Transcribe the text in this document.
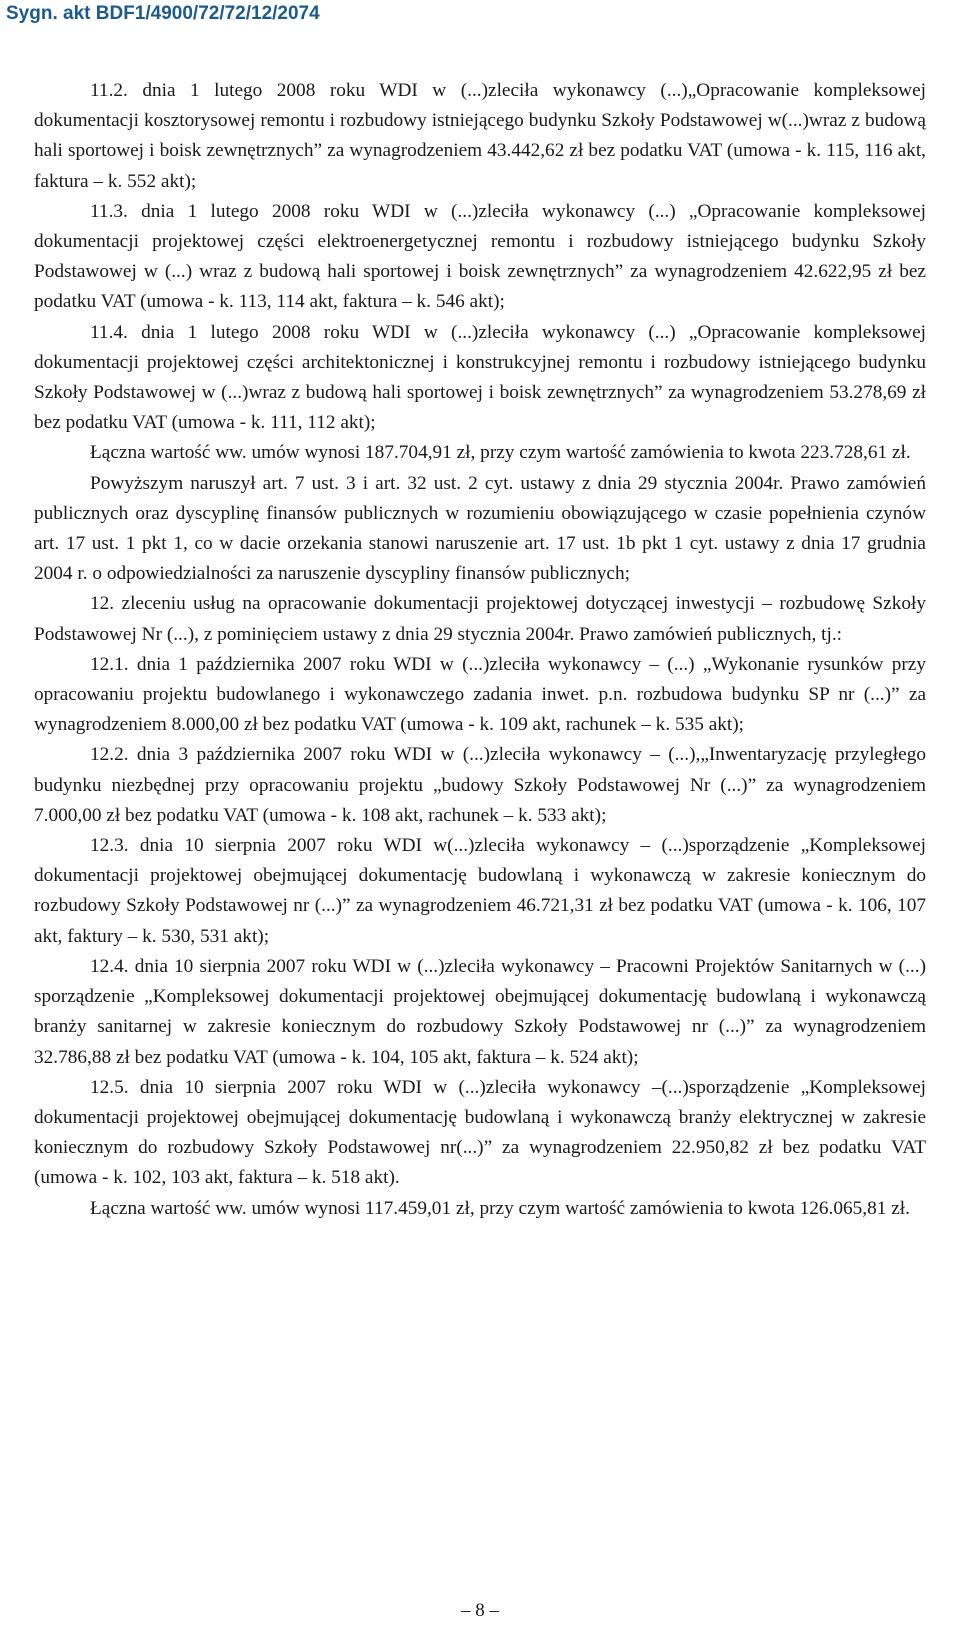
Sygn. akt BDF1/4900/72/72/12/2074

11.2. dnia 1 lutego 2008 roku WDI w (...)zleciła wykonawcy (...)„Opracowanie kompleksowej dokumentacji kosztorysowej remontu i rozbudowy istniejącego budynku Szkoły Podstawowej w(...)wraz z budową hali sportowej i boisk zewnętrznych” za wynagrodzeniem 43.442,62 zł bez podatku VAT (umowa - k. 115, 116 akt, faktura – k. 552 akt);

11.3. dnia 1 lutego 2008 roku WDI w (...)zleciła wykonawcy (...) „Opracowanie kompleksowej dokumentacji projektowej części elektroenergetycznej remontu i rozbudowy istniejącego budynku Szkoły Podstawowej w (...) wraz z budową hali sportowej i boisk zewnętrznych” za wynagrodzeniem 42.622,95 zł bez podatku VAT (umowa - k. 113, 114 akt, faktura – k. 546 akt);

11.4. dnia 1 lutego 2008 roku WDI w (...)zleciła wykonawcy (...) „Opracowanie kompleksowej dokumentacji projektowej części architektonicznej i konstrukcyjnej remontu i rozbudowy istniejącego budynku Szkoły Podstawowej w (...)wraz z budową hali sportowej i boisk zewnętrznych” za wynagrodzeniem 53.278,69 zł bez podatku VAT (umowa - k. 111, 112 akt);

Łączna wartość ww. umów wynosi 187.704,91 zł, przy czym wartość zamówienia to kwota 223.728,61 zł.

Powyższym naruszył art. 7 ust. 3 i art. 32 ust. 2 cyt. ustawy z dnia 29 stycznia 2004r. Prawo zamówień publicznych oraz dyscyplinę finansów publicznych w rozumieniu obowiązującego w czasie popełnienia czynów art. 17 ust. 1 pkt 1, co w dacie orzekania stanowi naruszenie art. 17 ust. 1b pkt 1 cyt. ustawy z dnia 17 grudnia 2004 r. o odpowiedzialności za naruszenie dyscypliny finansów publicznych;

12. zleceniu usług na opracowanie dokumentacji projektowej dotyczącej inwestycji – rozbudowę Szkoły Podstawowej Nr (...), z pominięciem ustawy z dnia 29 stycznia 2004r. Prawo zamówień publicznych, tj.:

12.1. dnia 1 października 2007 roku WDI w (...)zleciła wykonawcy – (...) „Wykonanie rysunków przy opracowaniu projektu budowlanego i wykonawczego zadania inwet. p.n. rozbudowa budynku SP nr (...)” za wynagrodzeniem 8.000,00 zł bez podatku VAT (umowa - k. 109 akt, rachunek – k. 535 akt);

12.2. dnia 3 października 2007 roku WDI w (...)zleciła wykonawcy – (...),„Inwentaryzację przyległego budynku niezbędnej przy opracowaniu projektu „budowy Szkoły Podstawowej Nr (...)” za wynagrodzeniem 7.000,00 zł bez podatku VAT (umowa - k. 108 akt, rachunek – k. 533 akt);

12.3. dnia 10 sierpnia 2007 roku WDI w(...)zleciła wykonawcy – (...)sporządzenie „Kompleksowej dokumentacji projektowej obejmującej dokumentację budowlaną i wykonawczą w zakresie koniecznym do rozbudowy Szkoły Podstawowej nr (...)” za wynagrodzeniem 46.721,31 zł bez podatku VAT (umowa - k. 106, 107 akt, faktury – k. 530, 531 akt);

12.4. dnia 10 sierpnia 2007 roku WDI w (...)zleciła wykonawcy – Pracowni Projektów Sanitarnych w (...) sporządzenie „Kompleksowej dokumentacji projektowej obejmującej dokumentację budowlaną i wykonawczą branży sanitarnej w zakresie koniecznym do rozbudowy Szkoły Podstawowej nr (...)” za wynagrodzeniem 32.786,88 zł bez podatku VAT (umowa - k. 104, 105 akt, faktura – k. 524 akt);

12.5. dnia 10 sierpnia 2007 roku WDI w (...)zleciła wykonawcy –(...)sporządzenie „Kompleksowej dokumentacji projektowej obejmującej dokumentację budowlaną i wykonawczą branży elektrycznej w zakresie koniecznym do rozbudowy Szkoły Podstawowej nr(...)” za wynagrodzeniem 22.950,82 zł bez podatku VAT (umowa - k. 102, 103 akt, faktura – k. 518 akt).

Łączna wartość ww. umów wynosi 117.459,01 zł, przy czym wartość zamówienia to kwota 126.065,81 zł.

– 8 –
